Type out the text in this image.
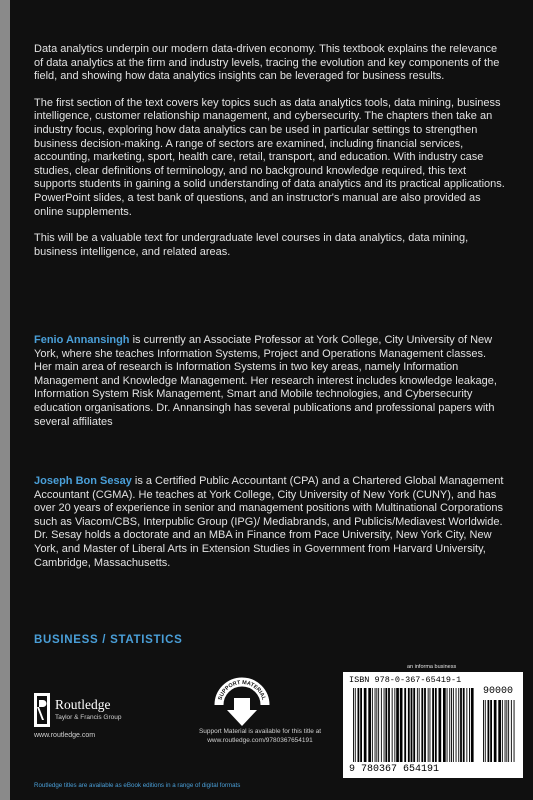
Data analytics underpin our modern data-driven economy. This textbook explains the relevance of data analytics at the firm and industry levels, tracing the evolution and key components of the field, and showing how data analytics insights can be leveraged for business results.

The first section of the text covers key topics such as data analytics tools, data mining, business intelligence, customer relationship management, and cybersecurity. The chapters then take an industry focus, exploring how data analytics can be used in particular settings to strengthen business decision-making. A range of sectors are examined, including financial services, accounting, marketing, sport, health care, retail, transport, and education. With industry case studies, clear definitions of terminology, and no background knowledge required, this text supports students in gaining a solid understanding of data analytics and its practical applications. PowerPoint slides, a test bank of questions, and an instructor's manual are also provided as online supplements.

This will be a valuable text for undergraduate level courses in data analytics, data mining, business intelligence, and related areas.

Fenio Annansingh is currently an Associate Professor at York College, City University of New York, where she teaches Information Systems, Project and Operations Management classes. Her main area of research is Information Systems in two key areas, namely Information Management and Knowledge Management. Her research interest includes knowledge leakage, Information System Risk Management, Smart and Mobile technologies, and Cybersecurity education organisations. Dr. Annansingh has several publications and professional papers with several affiliates
Joseph Bon Sesay is a Certified Public Accountant (CPA) and a Chartered Global Management Accountant (CGMA). He teaches at York College, City University of New York (CUNY), and has over 20 years of experience in senior and management positions with Multinational Corporations such as Viacom/CBS, Interpublic Group (IPG)/ Mediabrands, and Publicis/Mediavest Worldwide. Dr. Sesay holds a doctorate and an MBA in Finance from Pace University, New York City, New York, and Master of Liberal Arts in Extension Studies in Government from Harvard University, Cambridge, Massachusetts.
BUSINESS / STATISTICS
an informa business
Routledge
Taylor & Francis Group
www.routledge.com
SUPPORT MATERIAL
Support Material is available for this title at
www.routledge.com/9780367654191
ISBN 978-0-367-65419-1
90000
9 780367 654191
Routledge titles are available as eBook editions in a range of digital formats
